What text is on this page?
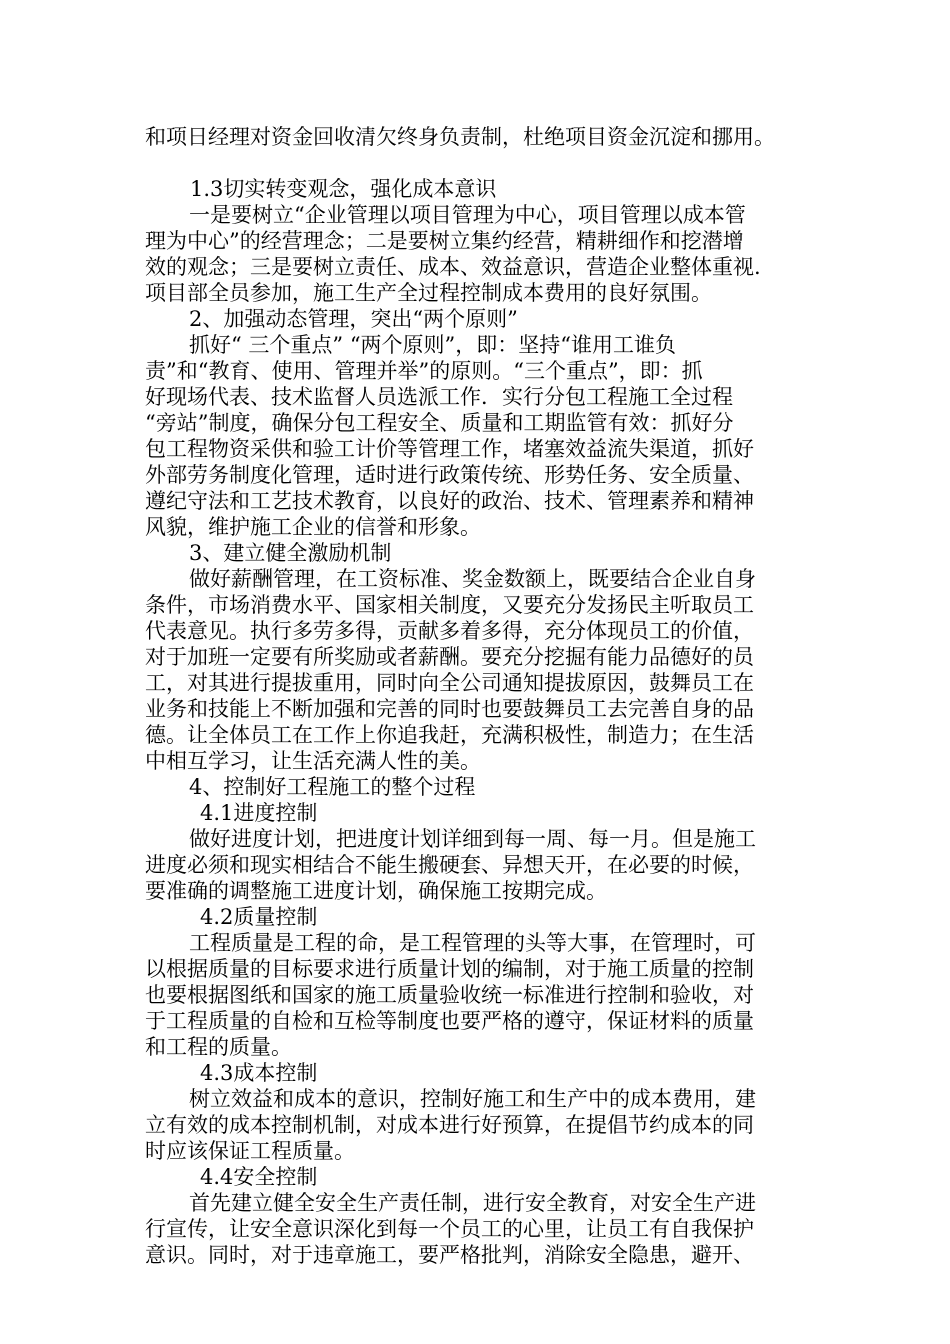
和项日经理对资金回收清欠终身负责制，杜绝项目资金沉淀和挪用。
1.3切实转变观念，强化成本意识
一是要树立“企业管理以项目管理为中心，项目管理以成本管
理为中心”的经营理念；二是要树立集约经营，精耕细作和挖潜增
效的观念；三是要树立责任、成本、效益意识，营造企业整体重视.
项目部全员参加，施工生产全过程控制成本费用的良好氛围。
2、加强动态管理，突出“两个原则”
抓好“ 三个重点” “两个原则”，即：坚持“谁用工谁负
责”和“教育、使用、管理并举”的原则。“三个重点”，即：抓
好现场代表、技术监督人员选派工作．实行分包工程施工全过程
“旁站”制度，确保分包工程安全、质量和工期监管有效：抓好分
包工程物资采供和验工计价等管理工作，堵塞效益流失渠道，抓好
外部劳务制度化管理，适时进行政策传统、形势任务、安全质量、
遵纪守法和工艺技术教育，以良好的政治、技术、管理素养和精神
风貌，维护施工企业的信誉和形象。
3、建立健全激励机制
做好薪酬管理，在工资标准、奖金数额上，既要结合企业自身
条件，市场消费水平、国家相关制度，又要充分发扬民主听取员工
代表意见。执行多劳多得，贡献多着多得，充分体现员工的价值，
对于加班一定要有所奖励或者薪酬。要充分挖掘有能力品德好的员
工，对其进行提拔重用，同时向全公司通知提拔原因，鼓舞员工在
业务和技能上不断加强和完善的同时也要鼓舞员工去完善自身的品
德。让全体员工在工作上你追我赶，充满积极性，制造力；在生活
中相互学习，让生活充满人性的美。
4、控制好工程施工的整个过程
4.1进度控制
做好进度计划，把进度计划详细到每一周、每一月。但是施工
进度必须和现实相结合不能生搬硬套、异想天开，在必要的时候，
要准确的调整施工进度计划，确保施工按期完成。
4.2质量控制
工程质量是工程的命，是工程管理的头等大事，在管理时，可
以根据质量的目标要求进行质量计划的编制，对于施工质量的控制
也要根据图纸和国家的施工质量验收统一标准进行控制和验收，对
于工程质量的自检和互检等制度也要严格的遵守，保证材料的质量
和工程的质量。
4.3成本控制
树立效益和成本的意识，控制好施工和生产中的成本费用，建
立有效的成本控制机制，对成本进行好预算，在提倡节约成本的同
时应该保证工程质量。
4.4安全控制
首先建立健全安全生产责任制，进行安全教育，对安全生产进
行宣传，让安全意识深化到每一个员工的心里，让员工有自我保护
意识。同时，对于违章施工，要严格批判，消除安全隐患，避开、
